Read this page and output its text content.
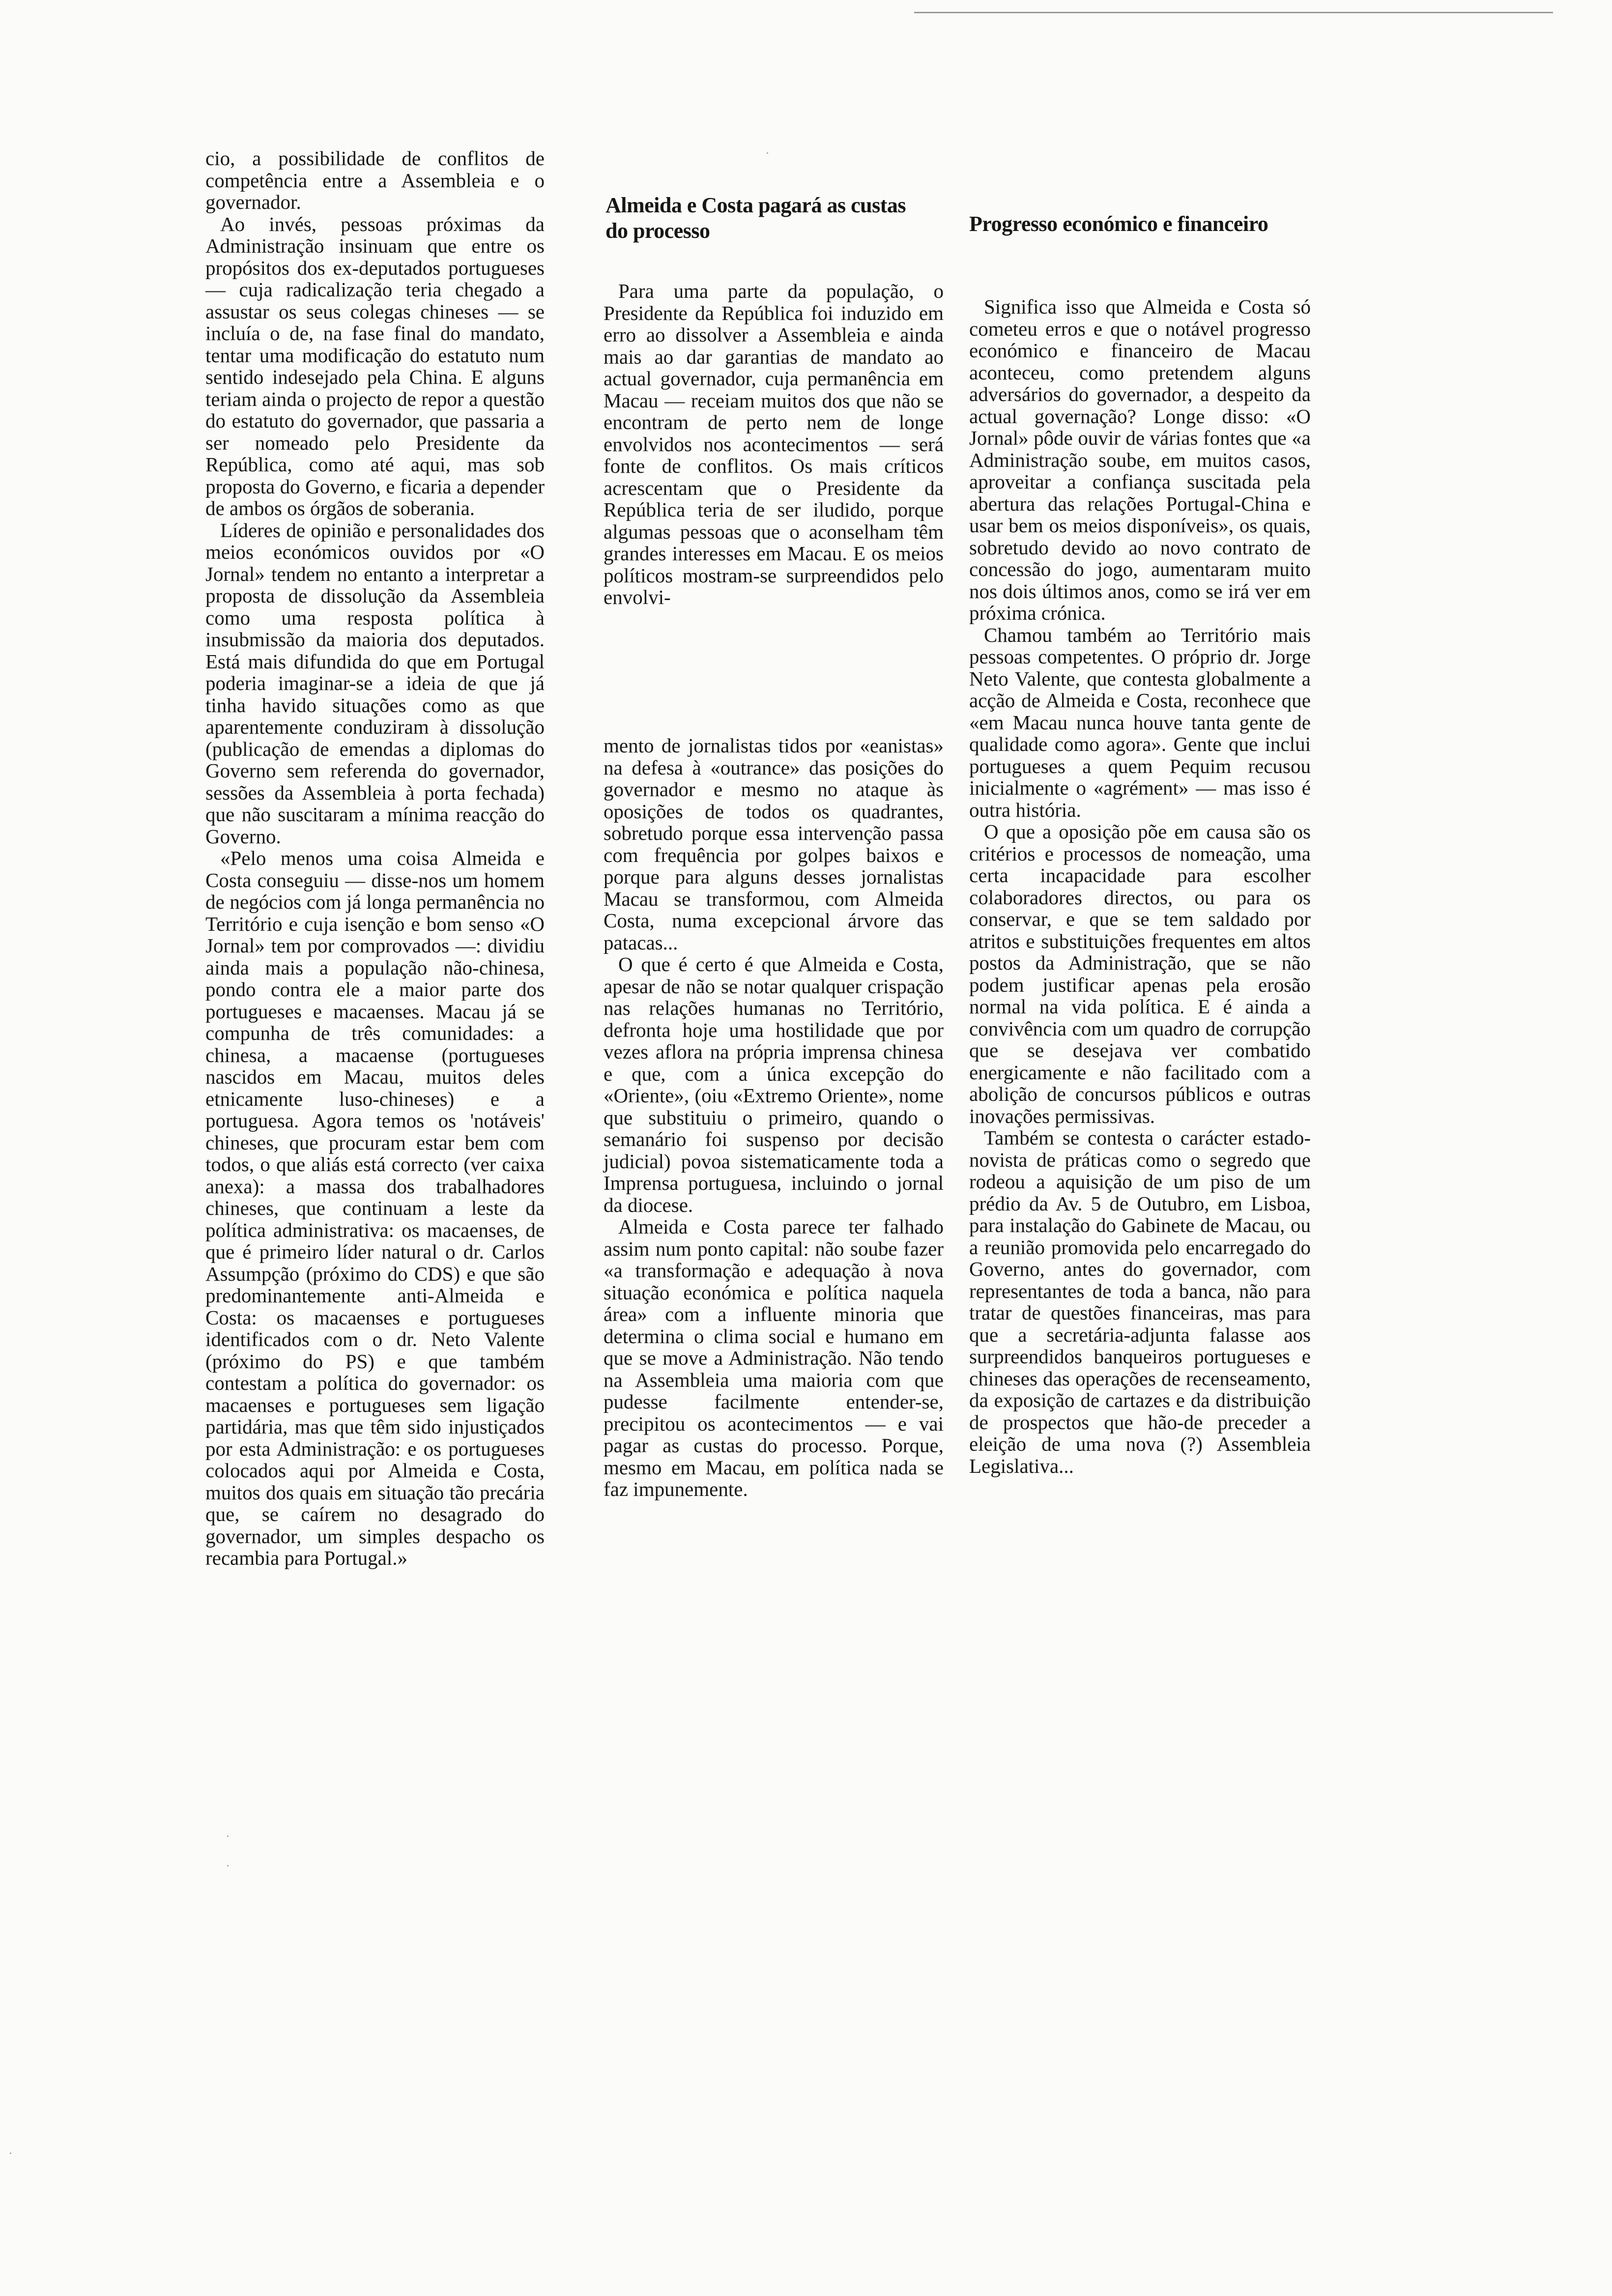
cio, a possibilidade de conflitos de competência entre a Assembleia e o governador.

Ao invés, pessoas próximas da Administração insinuam que entre os propósitos dos ex-deputados portugueses — cuja radicalização teria chegado a assustar os seus colegas chineses — se incluía o de, na fase final do mandato, tentar uma modificação do estatuto num sentido indesejado pela China. E alguns teriam ainda o projecto de repor a questão do estatuto do governador, que passaria a ser nomeado pelo Presidente da República, como até aqui, mas sob proposta do Governo, e ficaria a depender de ambos os órgãos de soberania.

Líderes de opinião e personalidades dos meios económicos ouvidos por «O Jornal» tendem no entanto a interpretar a proposta de dissolução da Assembleia como uma resposta política à insubmissão da maioria dos deputados. Está mais difundida do que em Portugal poderia imaginar-se a ideia de que já tinha havido situações como as que aparentemente conduziram à dissolução (publicação de emendas a diplomas do Governo sem referenda do governador, sessões da Assembleia à porta fechada) que não suscitaram a mínima reacção do Governo.

«Pelo menos uma coisa Almeida e Costa conseguiu — disse-nos um homem de negócios com já longa permanência no Território e cuja isenção e bom senso «O Jornal» tem por comprovados —: dividiu ainda mais a população não-chinesa, pondo contra ele a maior parte dos portugueses e macaenses. Macau já se compunha de três comunidades: a chinesa, a macaense (portugueses nascidos em Macau, muitos deles etnicamente luso-chineses) e a portuguesa. Agora temos os 'notáveis' chineses, que procuram estar bem com todos, o que aliás está correcto (ver caixa anexa): a massa dos trabalhadores chineses, que continuam a leste da política administrativa: os macaenses, de que é primeiro líder natural o dr. Carlos Assumpção (próximo do CDS) e que são predominantemente anti-Almeida e Costa: os macaenses e portugueses identificados com o dr. Neto Valente (próximo do PS) e que também contestam a política do governador: os macaenses e portugueses sem ligação partidária, mas que têm sido injustiçados por esta Administração: e os portugueses colocados aqui por Almeida e Costa, muitos dos quais em situação tão precária que, se caírem no desagrado do governador, um simples despacho os recambia para Portugal.»

Almeida e Costa pagará as custas do processo

Para uma parte da população, o Presidente da República foi induzido em erro ao dissolver a Assembleia e ainda mais ao dar garantias de mandato ao actual governador, cuja permanência em Macau — receiam muitos dos que não se encontram de perto nem de longe envolvidos nos acontecimentos — será fonte de conflitos. Os mais críticos acrescentam que o Presidente da República teria de ser iludido, porque algumas pessoas que o aconselham têm grandes interesses em Macau. E os meios políticos mostram-se surpreendidos pelo envolvi-

mento de jornalistas tidos por «eanistas» na defesa à «outrance» das posições do governador e mesmo no ataque às oposições de todos os quadrantes, sobretudo porque essa intervenção passa com frequência por golpes baixos e porque para alguns desses jornalistas Macau se transformou, com Almeida Costa, numa excepcional árvore das patacas...

O que é certo é que Almeida e Costa, apesar de não se notar qualquer crispação nas relações humanas no Território, defronta hoje uma hostilidade que por vezes aflora na própria imprensa chinesa e que, com a única excepção do «Oriente», (oiu «Extremo Oriente», nome que substituiu o primeiro, quando o semanário foi suspenso por decisão judicial) povoa sistematicamente toda a Imprensa portuguesa, incluindo o jornal da diocese.

Almeida e Costa parece ter falhado assim num ponto capital: não soube fazer «a transformação e adequação à nova situação económica e política naquela área» com a influente minoria que determina o clima social e humano em que se move a Administração. Não tendo na Assembleia uma maioria com que pudesse facilmente entender-se, precipitou os acontecimentos — e vai pagar as custas do processo. Porque, mesmo em Macau, em política nada se faz impunemente.

Progresso económico e financeiro

Significa isso que Almeida e Costa só cometeu erros e que o notável progresso económico e financeiro de Macau aconteceu, como pretendem alguns adversários do governador, a despeito da actual governação? Longe disso: «O Jornal» pôde ouvir de várias fontes que «a Administração soube, em muitos casos, aproveitar a confiança suscitada pela abertura das relações Portugal-China e usar bem os meios disponíveis», os quais, sobretudo devido ao novo contrato de concessão do jogo, aumentaram muito nos dois últimos anos, como se irá ver em próxima crónica.

Chamou também ao Território mais pessoas competentes. O próprio dr. Jorge Neto Valente, que contesta globalmente a acção de Almeida e Costa, reconhece que «em Macau nunca houve tanta gente de qualidade como agora». Gente que inclui portugueses a quem Pequim recusou inicialmente o «agrément» — mas isso é outra história.

O que a oposição põe em causa são os critérios e processos de nomeação, uma certa incapacidade para escolher colaboradores directos, ou para os conservar, e que se tem saldado por atritos e substituições frequentes em altos postos da Administração, que se não podem justificar apenas pela erosão normal na vida política. E é ainda a convivência com um quadro de corrupção que se desejava ver combatido energicamente e não facilitado com a abolição de concursos públicos e outras inovações permissivas.

Também se contesta o carácter estado-novista de práticas como o segredo que rodeou a aquisição de um piso de um prédio da Av. 5 de Outubro, em Lisboa, para instalação do Gabinete de Macau, ou a reunião promovida pelo encarregado do Governo, antes do governador, com representantes de toda a banca, não para tratar de questões financeiras, mas para que a secretária-adjunta falasse aos surpreendidos banqueiros portugueses e chineses das operações de recenseamento, da exposição de cartazes e da distribuição de prospectos que hão-de preceder a eleição de uma nova (?) Assembleia Legislativa...
